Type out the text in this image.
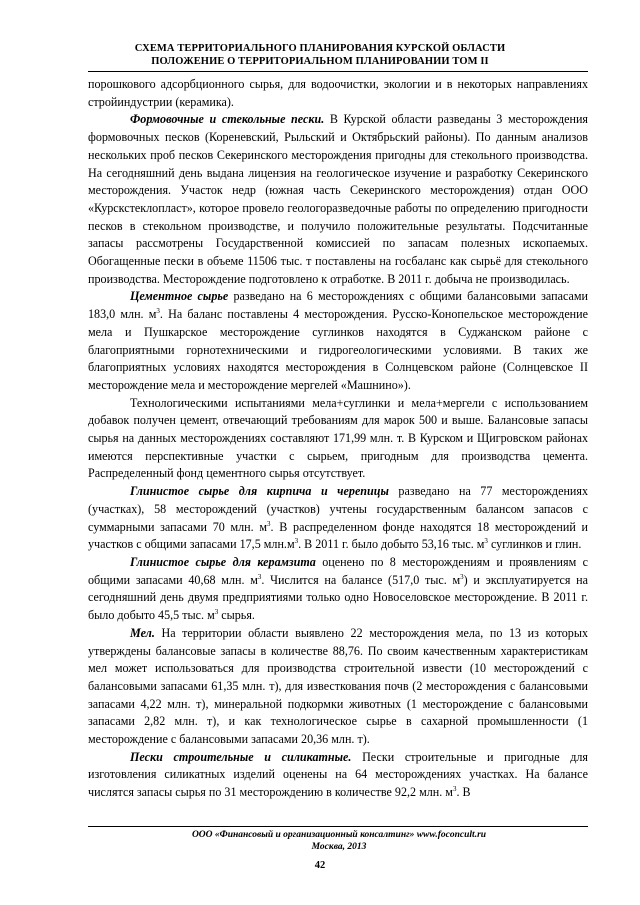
СХЕМА ТЕРРИТОРИАЛЬНОГО ПЛАНИРОВАНИЯ КУРСКОЙ ОБЛАСТИ
ПОЛОЖЕНИЕ О ТЕРРИТОРИАЛЬНОМ ПЛАНИРОВАНИИ ТОМ II

порошкового адсорбционного сырья, для водоочистки, экологии и в некоторых направлениях стройиндустрии (керамика).

Формовочные и стекольные пески. В Курской области разведаны 3 месторождения формовочных песков (Кореневский, Рыльский и Октябрьский районы). По данным анализов нескольких проб песков Секеринского месторождения пригодны для стекольного производства. На сегодняшний день выдана лицензия на геологическое изучение и разработку Секеринского месторождения. Участок недр (южная часть Секеринского месторождения) отдан ООО «Курскстеклоплаcт», которое провело геологоразведочные работы по определению пригодности песков в стекольном производстве, и получило положительные результаты. Подсчитанные запасы рассмотрены Государственной комиссией по запасам полезных ископаемых. Обогащенные пески в объеме 11506 тыс. т поставлены на госбаланс как сырьё для стекольного производства. Месторождение подготовлено к отработке. В 2011 г. добыча не производилась.

Цементное сырье разведано на 6 месторождениях с общими балансовыми запасами 183,0 млн. $м^3$. На баланс поставлены 4 месторождения. Русско-Конопельское месторождение мела и Пушкарское месторождение суглинков находятся в Суджанском районе с благоприятными горнотехническими и гидрогеологическими условиями. В таких же благоприятных условиях находятся месторождения в Солнцевском районе (Солнцевское II месторождение мела и месторождение мергелей «Машнино»).

Технологическими испытаниями мела+суглинки и мела+мергели с использованием добавок получен цемент, отвечающий требованиям для марок 500 и выше. Балансовые запасы сырья на данных месторождениях составляют 171,99 млн. т. В Курском и Щигровском районах имеются перспективные участки с сырьем, пригодным для производства цемента. Распределенный фонд цементного сырья отсутствует.

Глинистое сырье для кирпича и черепицы разведано на 77 месторождениях (участках), 58 месторождений (участков) учтены государственным балансом запасов с суммарными запасами 70 млн. $м^3$. В распределенном фонде находятся 18 месторождений и участков с общими запасами 17,5 $млн.м^3$. В 2011 г. было добыто 53,16 тыс. $м^3$ суглинков и глин.

Глинистое сырье для керамзита оценено по 8 месторождениям и проявлениям с общими запасами 40,68 млн. $м^3$. Числится на балансе (517,0 тыс. $м^3$) и эксплуатируется на сегодняшний день двумя предприятиями только одно Новоселовское месторождение. В 2011 г. было добыто 45,5 тыс. $м^3$ сырья.

Мел. На территории области выявлено 22 месторождения мела, по 13 из которых утверждены балансовые запасы в количестве 88,76. По своим качественным характеристикам мел может использоваться для производства строительной извести (10 месторождений с балансовыми запасами 61,35 млн. т), для известкования почв (2 месторождения с балансовыми запасами 4,22 млн. т), минеральной подкормки животных (1 месторождение с балансовыми запасами 2,82 млн. т), и как технологическое сырье в сахарной промышленности (1 месторождение с балансовыми запасами 20,36 млн. т).

Пески строительные и силикатные. Пески строительные и пригодные для изготовления силикатных изделий оценены на 64 месторождениях участках. На балансе числятся запасы сырья по 31 месторождению в количестве 92,2 млн. $м^3$. В

ООО «Финансовый и организационный консалтинг» www.foconcult.ru
Москва, 2013
42
